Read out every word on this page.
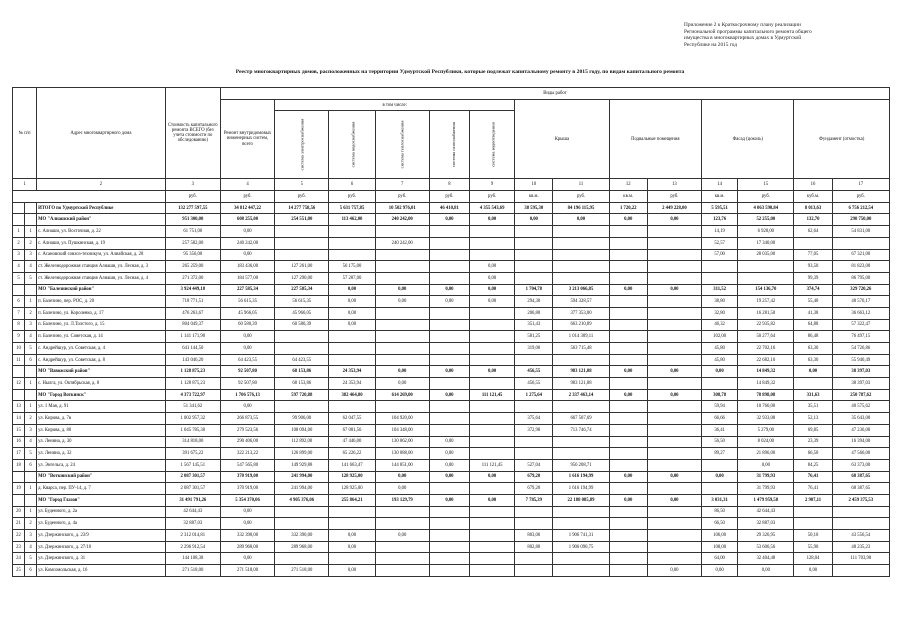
Приложение 2 к Краткосрочному плану реализации
Региональной программы капитального ремонта общего
имущества в многоквартирных домах в Удмуртской
Республике на 2015 год
Реестр многоквартирных домов, расположенных на территории Удмуртской Республики, которые подлежат капитальному ремонту в 2015 году, по видам капитального ремонта
№ п/п		Адрес многоквартирного дома	Стоимость капитального ремонта ВСЕГО (без учета стоимости по обследованию)	Виды работ													
				Ремонт внутридомовых инженерных систем, всего	в том числе:					Крыша		Подвальные помещения		Фасад (цоколь)		Фундамент (отмостка)	
					система электроснабжения	система водоснабжения	система теплоснабжения	система газоснабжения	система водоотведения								
1		2	3	4	5	6	7	8	9	10	11	12	13	14	15	16	17
			руб.	руб.	руб.	руб.	руб.	руб.	руб.	кв.м.	руб.	кв.м.	руб.	кв.м.	руб.	куб.м.	руб.
		ИТОГО по Удмуртской Республике	132 277 597,55	34 812 447,22	14 277 758,56	5 631 757,85	10 502 976,01	46 410,81	4 355 543,69	38 595,30	84 196 115,95	1 720,22	2 449 228,00	5 595,51	4 063 590,84	8 013,63	6 756 212,54
		МО "Алнашский район"	951 300,00	608 255,00	254 551,00	113 462,00	240 242,00	0,00	0,00	0,00	0,00	0,00	0,00	123,76	52 255,00	132,70	290 750,00
1	1	с. Алнаши, ул. Восточная, д. 22	61 751,00	0,00										14,19	6 920,00	62,64	54 831,00
2	2	с. Алнаши, ул. Пушкинская, д. 19	257 582,00	240 242,00			240 242,00							52,57	17 340,00		
3	3	с. Асановский совхоз-техникум, ул. Алнайская, д. 28	95 356,00	0,00										57,00	28 035,00	77,05	67 321,00
4	4	ст. Железнодорожная станция Алнаши, ул. Лесная, д. 3	265 259,00	183 436,00	127 261,00	56 175,00			0,00							93,50	81 823,00
5	5	ст. Железнодорожная станция Алнаши, ул. Лесная, д. 4	271 372,00	184 577,00	127 290,00	57 287,00			0,00							99,39	86 795,00
		МО "Балезинский район"	3 924 449,18	227 585,34	227 585,34	0,00	0,00	0,00	0,00	1 704,78	3 213 066,85	0,00	0,00	311,52	154 136,70	374,74	329 720,26
6	1	п. Балезино, пер. РОС, д. 20	718 771,51	56 615,35	56 615,35	0,00	0,00	0,00	0,00	294,30	594 328,57			38,80	19 257,42	55,40	48 570,17
7	2	п. Балезино, ул. Короленко, д. 17	476 263,67	45 966,05	45 966,05	0,00				206,80	377 353,00			32,80	16 281,50	41,38	36 663,12
8	3	п. Балезино, ул. Л.Толстого, д. 15	804 049,37	60 580,39	60 580,39	0,00				351,43	663 210,89			46,32	22 935,82	64,88	57 322,47
9	4	п. Балезино, ул. Советская, д. 14	1 141 171,90	0,00						581,25	1 014 309,11			102,00	50 277,64	86,48	76 497,15
10	5	с. Андрейшур, ул. Советская, д. 4	641 144,50	0,00						319,00	563 715,48			45,80	22 702,16	63,30	54 726,86
11	6	с. Андрейшур, ул. Советская, д. 8	143 046,20	64 423,55	64 423,55									45,80	22 682,16	63,30	55 940,49
		МО "Вавожский район"	1 128 875,23	92 507,80	68 153,86	24 353,94	0,00	0,00	0,00	456,55	983 121,08	0,00	0,00	0,00	14 849,32	0,00	38 397,03
12	1	с. Нылга, ул. Октябрьская, д. 8	1 128 875,23	92 507,80	68 153,86	24 353,94	0,00			456,55	983 121,08				14 849,32		38 397,03
		МО "Город Воткинск"	4 373 722,97	1 706 576,13	597 720,88	382 464,80	614 269,00	0,00	111 121,45	1 275,64	2 337 463,14	0,00	0,00	308,78	78 898,08	331,63	250 787,62
13	1	ул. 1 Мая, д. 91	51 341,62	0,00										59,94	10 766,00	35,51	40 575,62
14	2	ул. Кирова, д. 7в	1 002 957,32	266 873,55	99 906,00	62 047,55	104 920,00			375,64	667 507,69			66,66	32 933,08	52,13	35 643,00
15	3	ул. Кирова, д. 80	1 045 785,30	279 523,56	108 094,00	67 081,56	104 348,00			372,98	713 746,74			36,41	5 279,00	69,85	47 236,00
16	4	ул. Ленина, д. 30	314 818,00	290 406,00	112 892,00	47 446,00	130 062,00	0,00						56,50	8 024,00	23,39	16 394,00
17	5	ул. Ленина, д. 32	391 675,22	322 213,22	126 899,00	65 226,22	130 088,00	0,00						89,27	21 896,00	66,50	47 566,00
18	6	ул. Энгельса, д. 24	1 567 145,51	547 565,80	149 929,88	141 663,47	144 851,00	0,00	111 121,45	527,04	956 208,71				0,00	84,25	63 373,00
		МО "Воткинский район"	2 087 301,57	370 919,00	241 994,00	128 925,00	0,00	0,00	0,00	679,20	1 616 194,99	0,00	0,00	0,00	31 799,93	76,41	68 387,65
19	1	д. Кварса, пер. ПУ-14, д. 7	2 087 301,57	370 919,00	241 994,00	128 925,00	0,00			679,20	1 616 194,99				31 799,93	76,41	68 387,65
		МО "Город Глазов"	31 491 791,26	5 354 370,06	4 905 376,06	255 864,21	193 129,79	0,00	0,00	7 785,39	22 188 085,89	0,00	0,00	3 031,31	1 479 959,58	2 907,11	2 459 375,53
20	1	ул. Буденного, д. 2а	42 644,43	0,00										86,50	42 644,43		
21	2	ул. Буденного, д. 4а	32 887,03	0,00										66,50	32 887,03		
22	3	ул. Дзержинского, д. 23/9	2 312 014,81	332 390,00	332 390,00	0,00	0,00			803,00	1 906 741,31			106,00	29 326,95	50,10	43 556,54
23	4	ул. Дзержинского, д. 27/10	2 296 912,54	289 968,00	289 968,00	0,00				802,80	1 906 090,75			108,00	53 606,56	55,90	48 235,23
24	5	ул. Дзержинского, д. 31	144 108,38	0,00										64,00	32 404,48	128,04	111 703,90
25	6	ул. Комсомольская, д. 16	271 518,00	271 518,00	271 518,00	0,00							0,00	0,00	0,00	0,00	
